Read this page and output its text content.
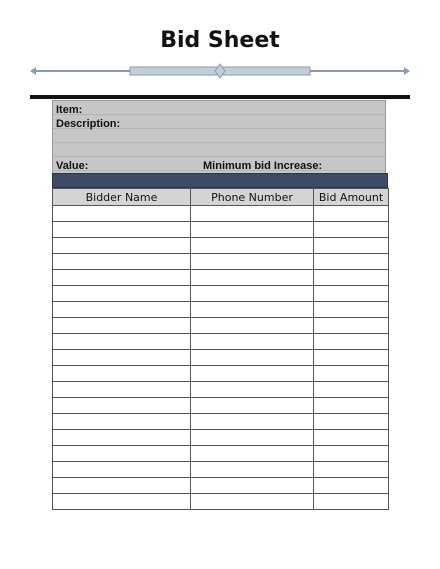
Bid Sheet
Item:
Description:
Value:	Minimum bid Increase:
Bidder Name	Phone Number	Bid Amount
